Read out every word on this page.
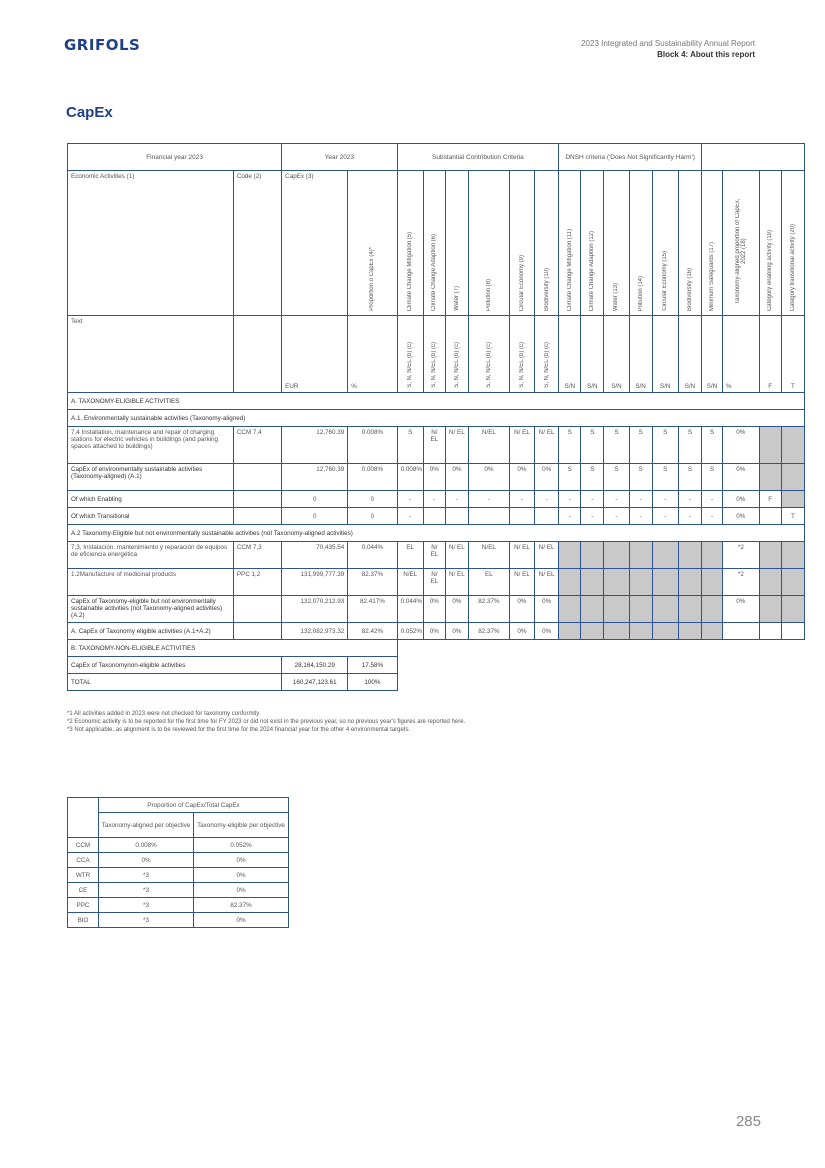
GRIFOLS	2023 Integrated and Sustainability Annual Report
Block 4: About this report
CapEx
Financial year 2023		Year 2023		Substantial Contribution Criteria						DNSH criteria ('Does Not Significantly Harm')									
Economic Activities (1)	Code (2)	CapEx (3)	Proportion o CapEx (4)*	Climate Change Mitigation (5)	Climate Change Adaption (6)	Water (7)	Pollution (8)	Circular Economy (9)	Biodiversity (10)	Climate Change Mitigation (11)	Climate Change Adaption (12)	Water (13)	Pollution (14)	Circular Economy (15)	Biodiversity (16)	Minimum Safeguards (17)	Taxonomy-aligned proportion of CapEx, 2022 (18)	Category enabling activity (19)	Category transitional activity (20)
Text		EUR	%	S, N, N/EL (b) (c)	S, N, N/EL (b) (c)	S, N, N/EL (b) (c)	S, N, N/EL (b) (c)	S, N, N/EL (b) (c)	S, N, N/EL (b) (c)	S/N	S/N	S/N	S/N	S/N	S/N	S/N	%	F	T
A. TAXONOMY-ELIGIBLE ACTIVITIES																			
A.1. Environmentally sustainable activities (Taxonomy-aligned)																			
7.4 Installation, maintenance and repair of charging stations for electric vehicles in buildings (and parking spaces attached to buildings)	CCM 7,4	12,760.39	0.008%	S	N/ EL	N/ EL	N/EL	N/ EL	N/ EL	S	S	S	S	S	S	S	0%		
CapEx of environmentally sustainable activities (Taxonomy-aligned) (A.1)		12,760.39	0.008%	0.008%	0%	0%	0%	0%	0%	S	S	S	S	S	S	S	0%		
Of which Enabling		0	0	-	-	-	-	-	-	-	-	-	-	-	-	-	0%	F	
Of which Transitional		0	0	-						-	-	-	-	-	-	-	0%		T
A.2 Taxonomy-Eligible but not environmentally sustainable activities (not Taxonomy-aligned activities)																			
7,3, Instalación. mantenimiento y reparación de equipos de eficiencia energética	CCM 7,3	70,435.54	0.044%	EL	N/ EL	N/ EL	N/EL	N/ EL	N/ EL								*2		
1.2Manufacture of medicinal products	PPC 1,2	131,999,777.39	82.37%	N/EL	N/ EL	N/ EL	EL	N/ EL	N/ EL								*2		
CapEx of Taxonomy-eligible but not environmentally sustainable activities (not Taxonomy-aligned activities) (A.2)		132,070,212.93	82.417%	0.044%	0%	0%	82.37%	0%	0%								0%		
A. CapEx of Taxonomy eligible activities (A.1+A.2)		132,082,973.32	82.42%	0.052%	0%	0%	82.37%	0%	0%										
B. TAXONOMY-NON-ELIGIBLE ACTIVITIES																			
CapEx of Taxonomynon-eligible activities		28,164,150.29	17.58%																
TOTAL		160,247,123.61	100%																
*1 All activities added in 2023 were not checked for taxonomy conformity
*2 Economic activity is to be reported for the first time for FY 2023 or did not exist in the previous year, so no previous year's figures are reported here.
*3 Not applicable, as alignment is to be reviewed for the first time for the 2024 financial year for the other 4 environmental targets.
	Proportion of CapEx/Total CapEx	
	Taxonomy-aligned per objective	Taxonomy-eligible per objective
CCM	0.008%	0.052%
CCA	0%	0%
WTR	*3	0%
CE	*3	0%
PPC	*3	82.37%
BIO	*3	0%
285
